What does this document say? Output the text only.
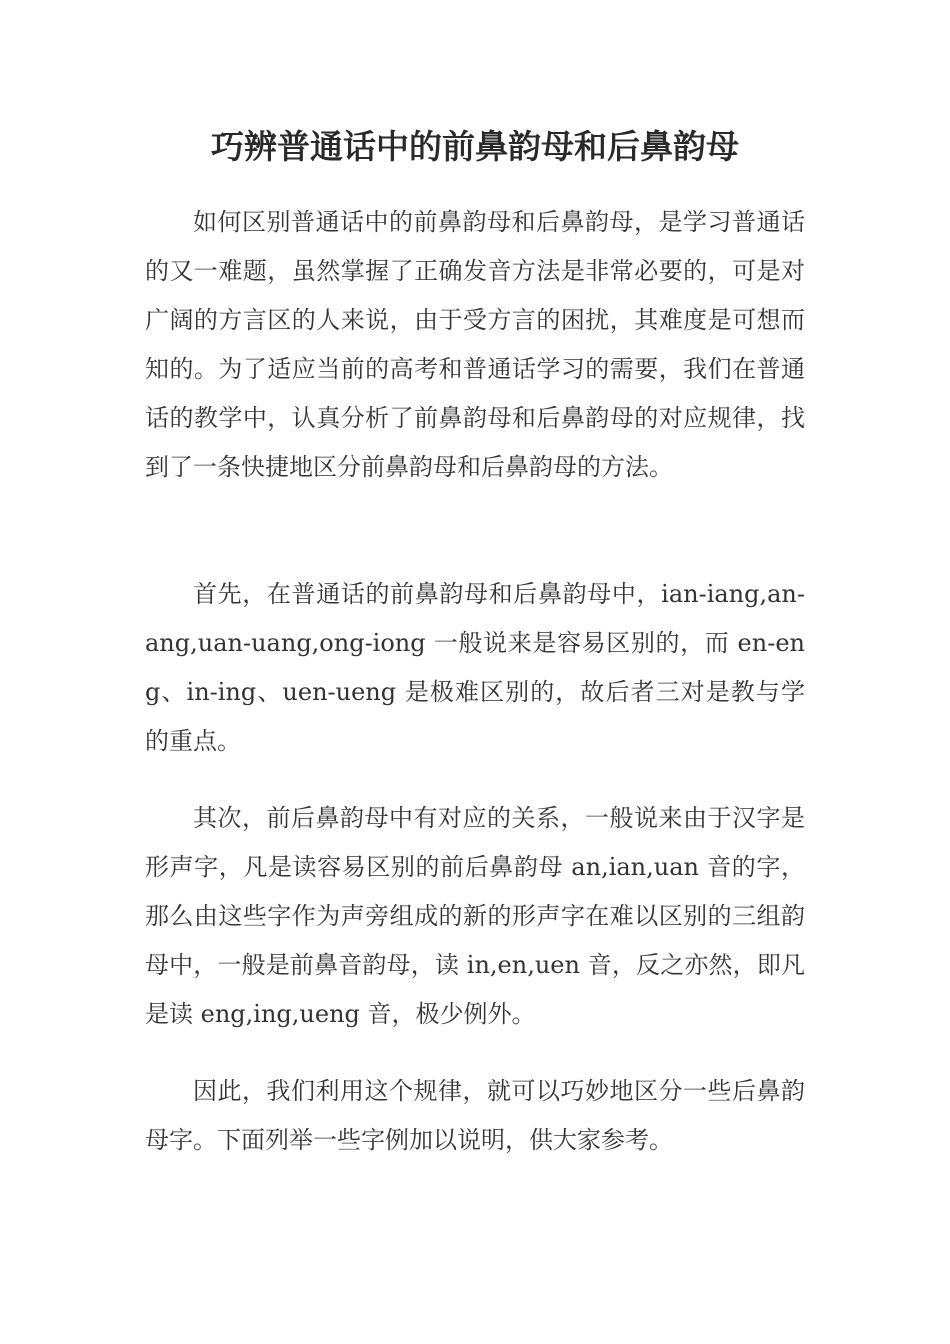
巧辨普通话中的前鼻韵母和后鼻韵母

如何区别普通话中的前鼻韵母和后鼻韵母，是学习普通话的又一难题，虽然掌握了正确发音方法是非常必要的，可是对广阔的方言区的人来说，由于受方言的困扰，其难度是可想而知的。为了适应当前的高考和普通话学习的需要，我们在普通话的教学中，认真分析了前鼻韵母和后鼻韵母的对应规律，找到了一条快捷地区分前鼻韵母和后鼻韵母的方法。

首先，在普通话的前鼻韵母和后鼻韵母中，ian-iang,an-ang,uan-uang,ong-iong 一般说来是容易区别的，而 en-eng、in-ing、uen-ueng 是极难区别的，故后者三对是教与学的重点。

其次，前后鼻韵母中有对应的关系，一般说来由于汉字是形声字，凡是读容易区别的前后鼻韵母 an,ian,uan 音的字，那么由这些字作为声旁组成的新的形声字在难以区别的三组韵母中，一般是前鼻音韵母，读 in,en,uen 音，反之亦然，即凡是读 eng,ing,ueng 音，极少例外。

因此，我们利用这个规律，就可以巧妙地区分一些后鼻韵母字。下面列举一些字例加以说明，供大家参考。
